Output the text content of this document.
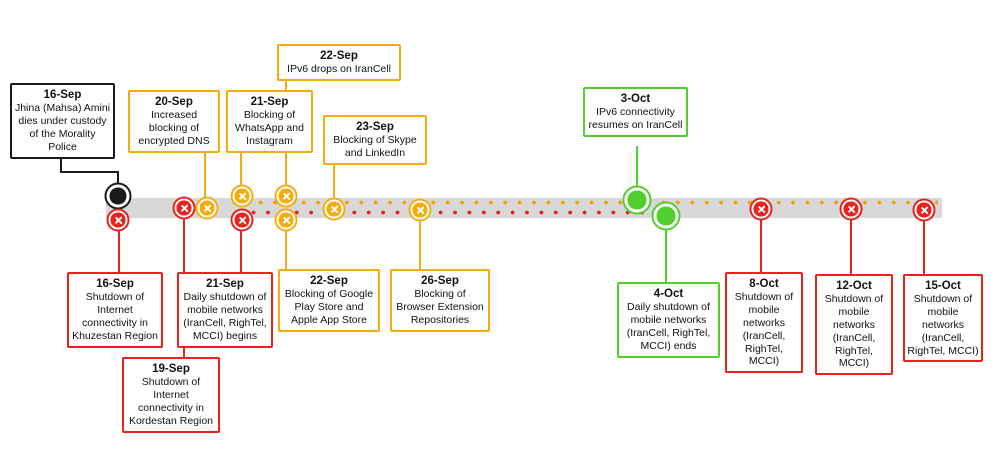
16-Sep
Jhina (Mahsa) Amini dies under custody of the Morality Police
20-Sep
Increased blocking of encrypted DNS
21-Sep
Blocking of WhatsApp and Instagram
22-Sep
IPv6 drops on IranCell
23-Sep
Blocking of Skype and LinkedIn
3-Oct
IPv6 connectivity resumes on IranCell
16-Sep
Shutdown of Internet connectivity in Khuzestan Region
21-Sep
Daily shutdown of mobile networks (IranCell, RighTel, MCCI) begins
19-Sep
Shutdown of Internet connectivity in Kordestan Region
22-Sep
Blocking of Google Play Store and Apple App Store
26-Sep
Blocking of Browser Extension Repositories
4-Oct
Daily shutdown of mobile networks (IranCell, RighTel, MCCI) ends
8-Oct
Shutdown of mobile networks (IranCell, RighTel, MCCI)
12-Oct
Shutdown of mobile networks (IranCell, RighTel, MCCI)
15-Oct
Shutdown of mobile networks (IranCell, RighTel, MCCI)
